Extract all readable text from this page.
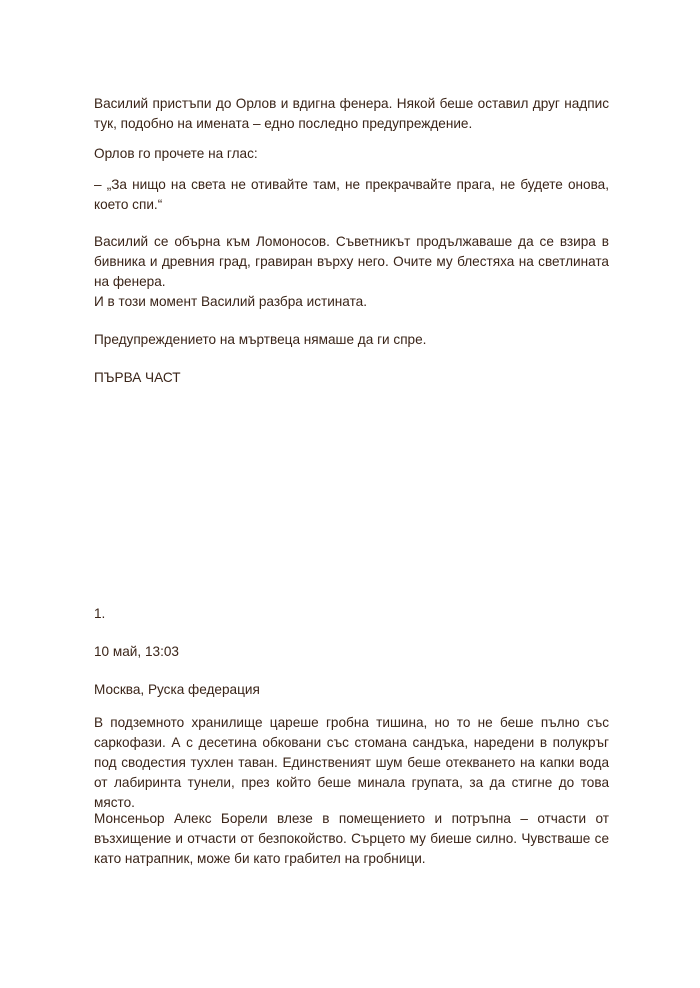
Василий пристъпи до Орлов и вдигна фенера. Някой беше оставил друг надпис тук, подобно на имената – едно последно предупреждение.

Орлов го прочете на глас:

– „За нищо на света не отивайте там, не прекрачвайте прага, не будете онова, което спи.“

Василий се обърна към Ломоносов. Съветникът продължаваше да се взира в бивника и древния град, гравиран върху него. Очите му блестяха на светлината на фенера.

И в този момент Василий разбра истината.

Предупреждението на мъртвеца нямаше да ги спре.

ПЪРВА ЧАСТ

1.

10 май, 13:03

Москва, Руска федерация

В подземното хранилище цареше гробна тишина, но то не беше пълно със саркофази. А с десетина обковани със стомана сандъка, наредени в полукръг под сводестия тухлен таван. Единственият шум беше отекването на капки вода от лабиринта тунели, през който беше минала групата, за да стигне до това място.

Монсеньор Алекс Борели влезе в помещението и потръпна – отчасти от възхищение и отчасти от безпокойство. Сърцето му биеше силно. Чувстваше се като натрапник, може би като грабител на гробници.
